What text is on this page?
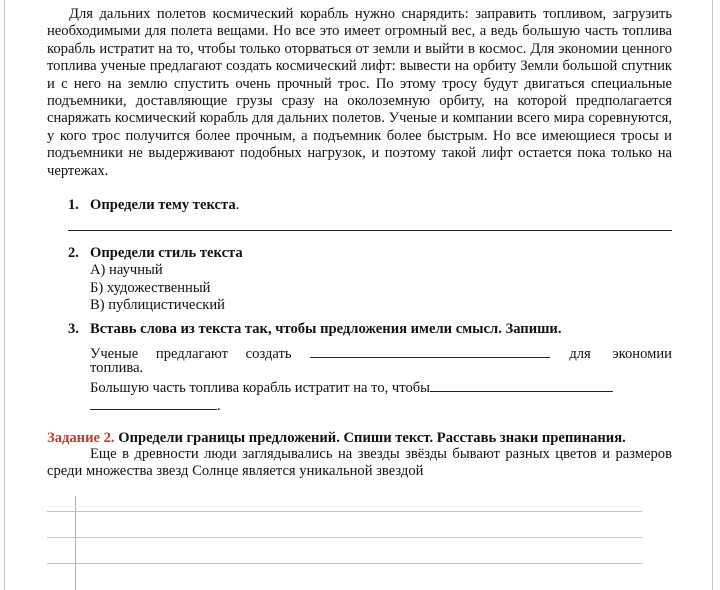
Для дальних полетов космический корабль нужно снарядить: заправить топливом, загрузить необходимыми для полета вещами. Но все это имеет огромный вес, а ведь большую часть топлива корабль истратит на то, чтобы только оторваться от земли и выйти в космос. Для экономии ценного топлива ученые предлагают создать космический лифт: вывести на орбиту Земли большой спутник и с него на землю спустить очень прочный трос. По этому тросу будут двигаться специальные подъемники, доставляющие грузы сразу на околоземную орбиту, на которой предполагается снаряжать космический корабль для дальних полетов. Ученые и компании всего мира соревнуются, у кого трос получится более прочным, а подъемник более быстрым. Но все имеющиеся тросы и подъемники не выдерживают подобных нагрузок, и поэтому такой лифт остается пока только на чертежах.

1. Определи тему текста.
2. Определи стиль текста
А) научный
Б) художественный
В) публицистический
3. Вставь слова из текста так, чтобы предложения имели смысл. Запиши.
Ученые предлагают создать	для экономии
топлива.
Большую часть топлива корабль истратит на то, чтобы
.
Задание 2. Определи границы предложений. Спиши текст. Расставь знаки препинания.

Еще в древности люди заглядывались на звезды звёзды бывают разных цветов и размеров среди множества звезд Солнце является уникальной звездой
